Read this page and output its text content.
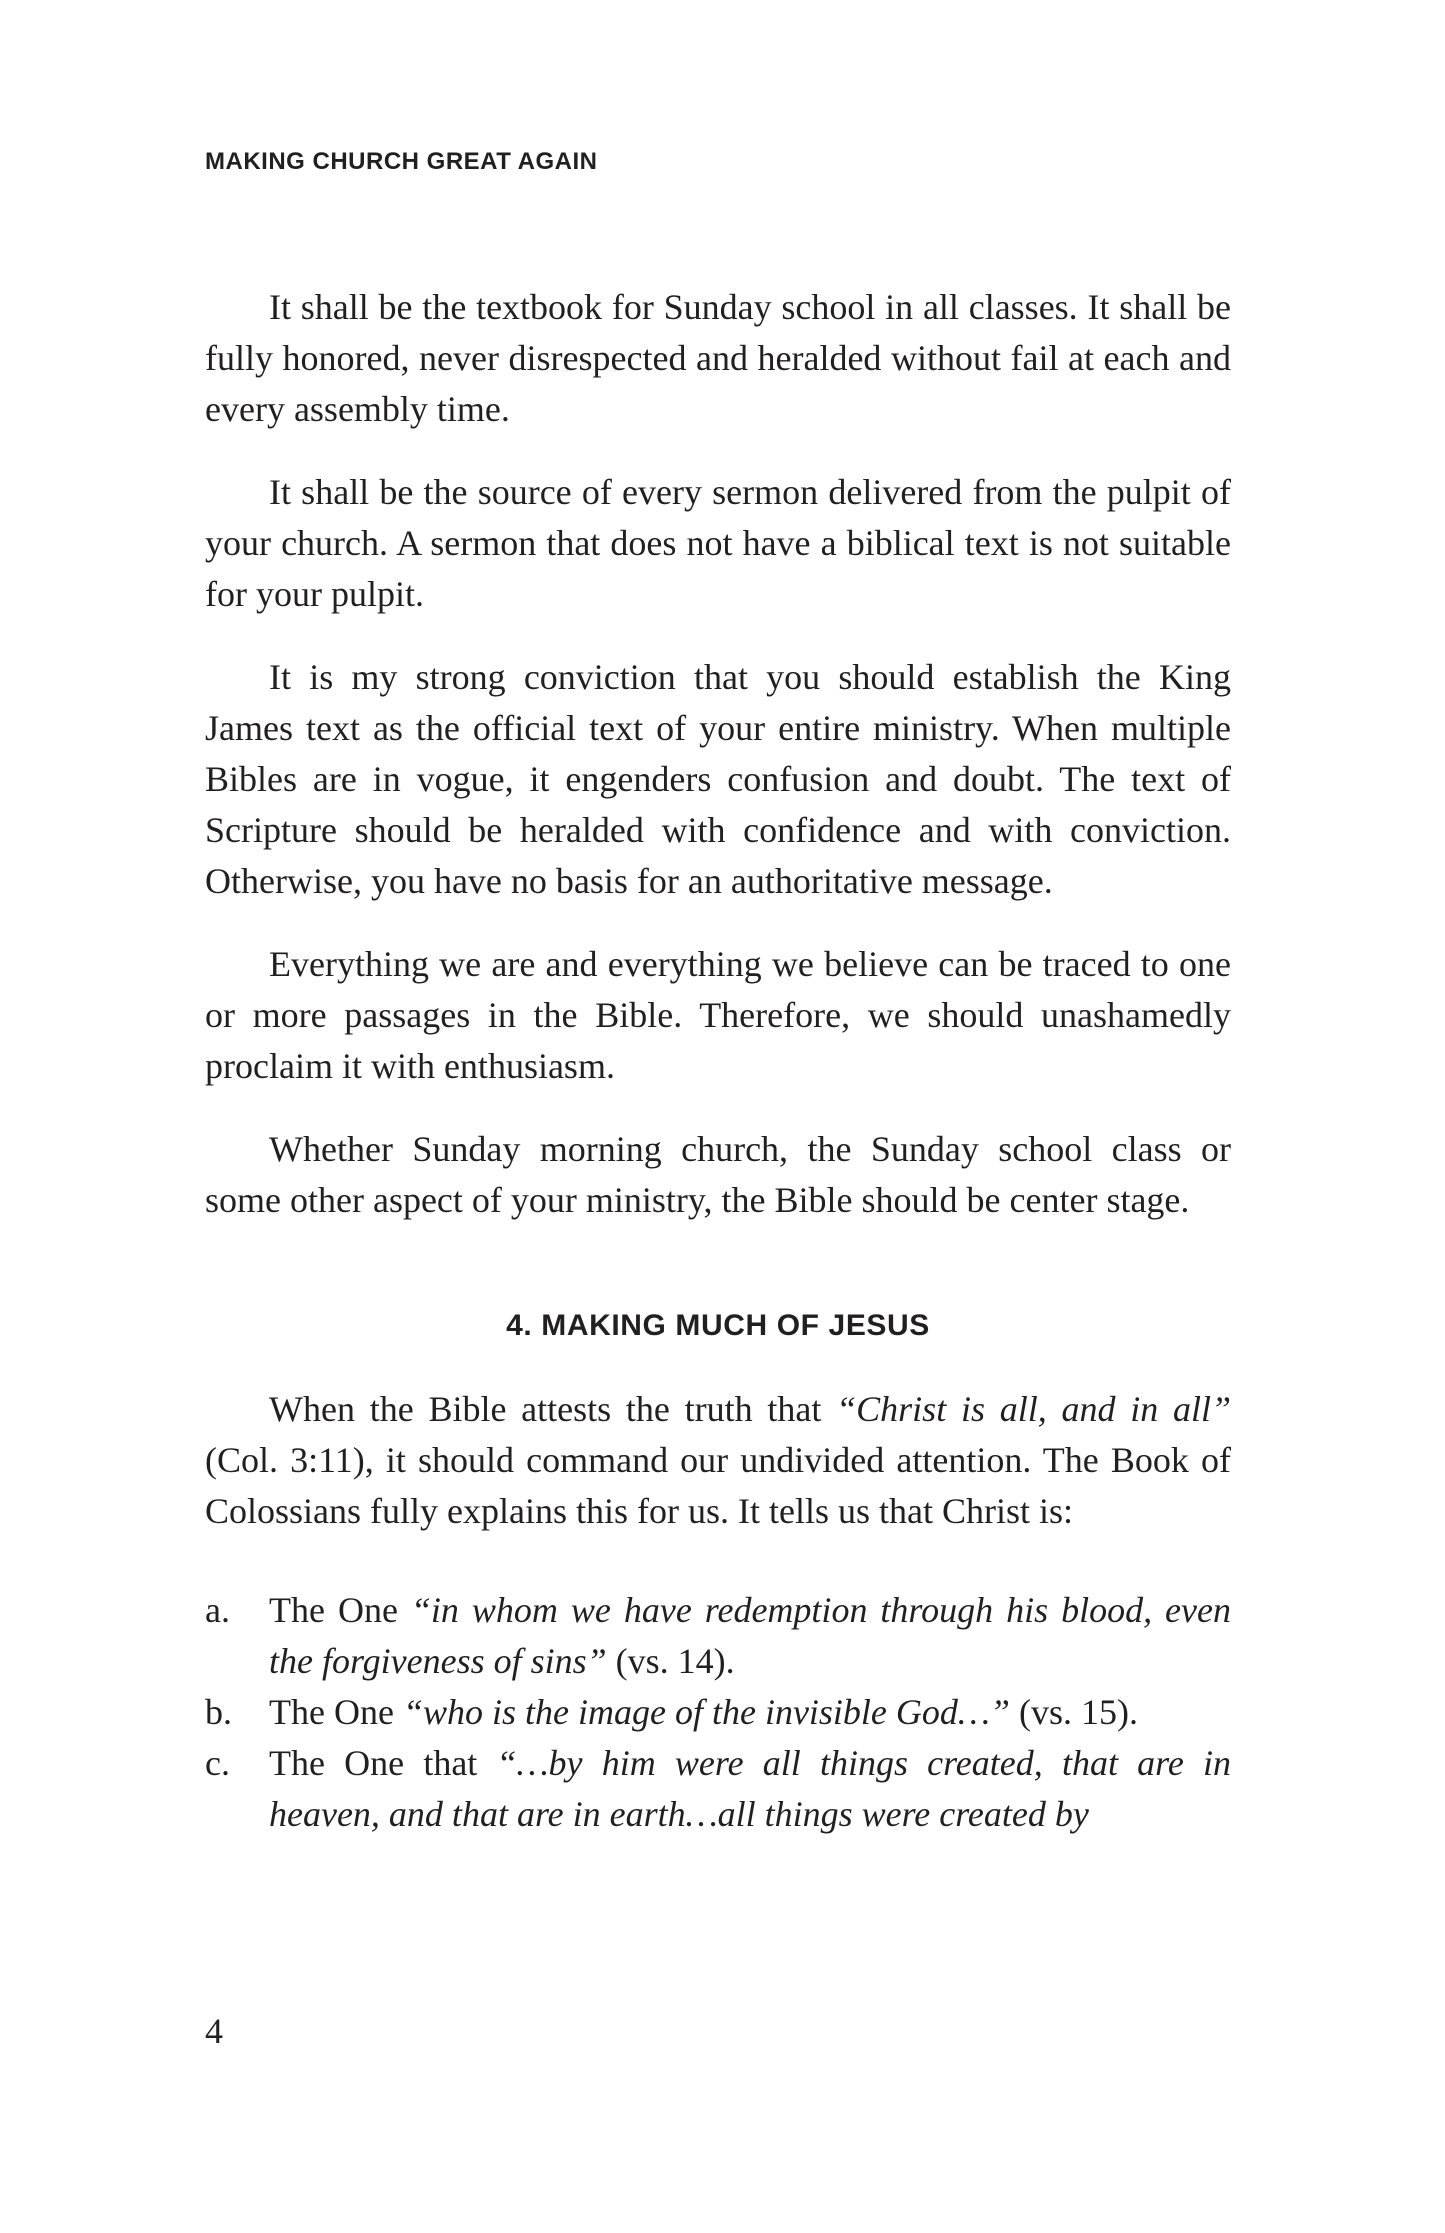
MAKING CHURCH GREAT AGAIN

It shall be the textbook for Sunday school in all classes. It shall be fully honored, never disrespected and heralded without fail at each and every assembly time.

It shall be the source of every sermon delivered from the pulpit of your church. A sermon that does not have a biblical text is not suitable for your pulpit.

It is my strong conviction that you should establish the King James text as the official text of your entire ministry. When multiple Bibles are in vogue, it engenders confusion and doubt. The text of Scripture should be heralded with confidence and with conviction. Otherwise, you have no basis for an authoritative message.

Everything we are and everything we believe can be traced to one or more passages in the Bible. Therefore, we should unashamedly proclaim it with enthusiasm.

Whether Sunday morning church, the Sunday school class or some other aspect of your ministry, the Bible should be center stage.

4. MAKING MUCH OF JESUS

When the Bible attests the truth that “Christ is all, and in all” (Col. 3:11), it should command our undivided attention. The Book of Colossians fully explains this for us. It tells us that Christ is:

a.	The One “in whom we have redemption through his blood, even the forgiveness of sins” (vs. 14).
b.	The One “who is the image of the invisible God…” (vs. 15).
c.	The One that “…by him were all things created, that are in heaven, and that are in earth…all things were created by
4
